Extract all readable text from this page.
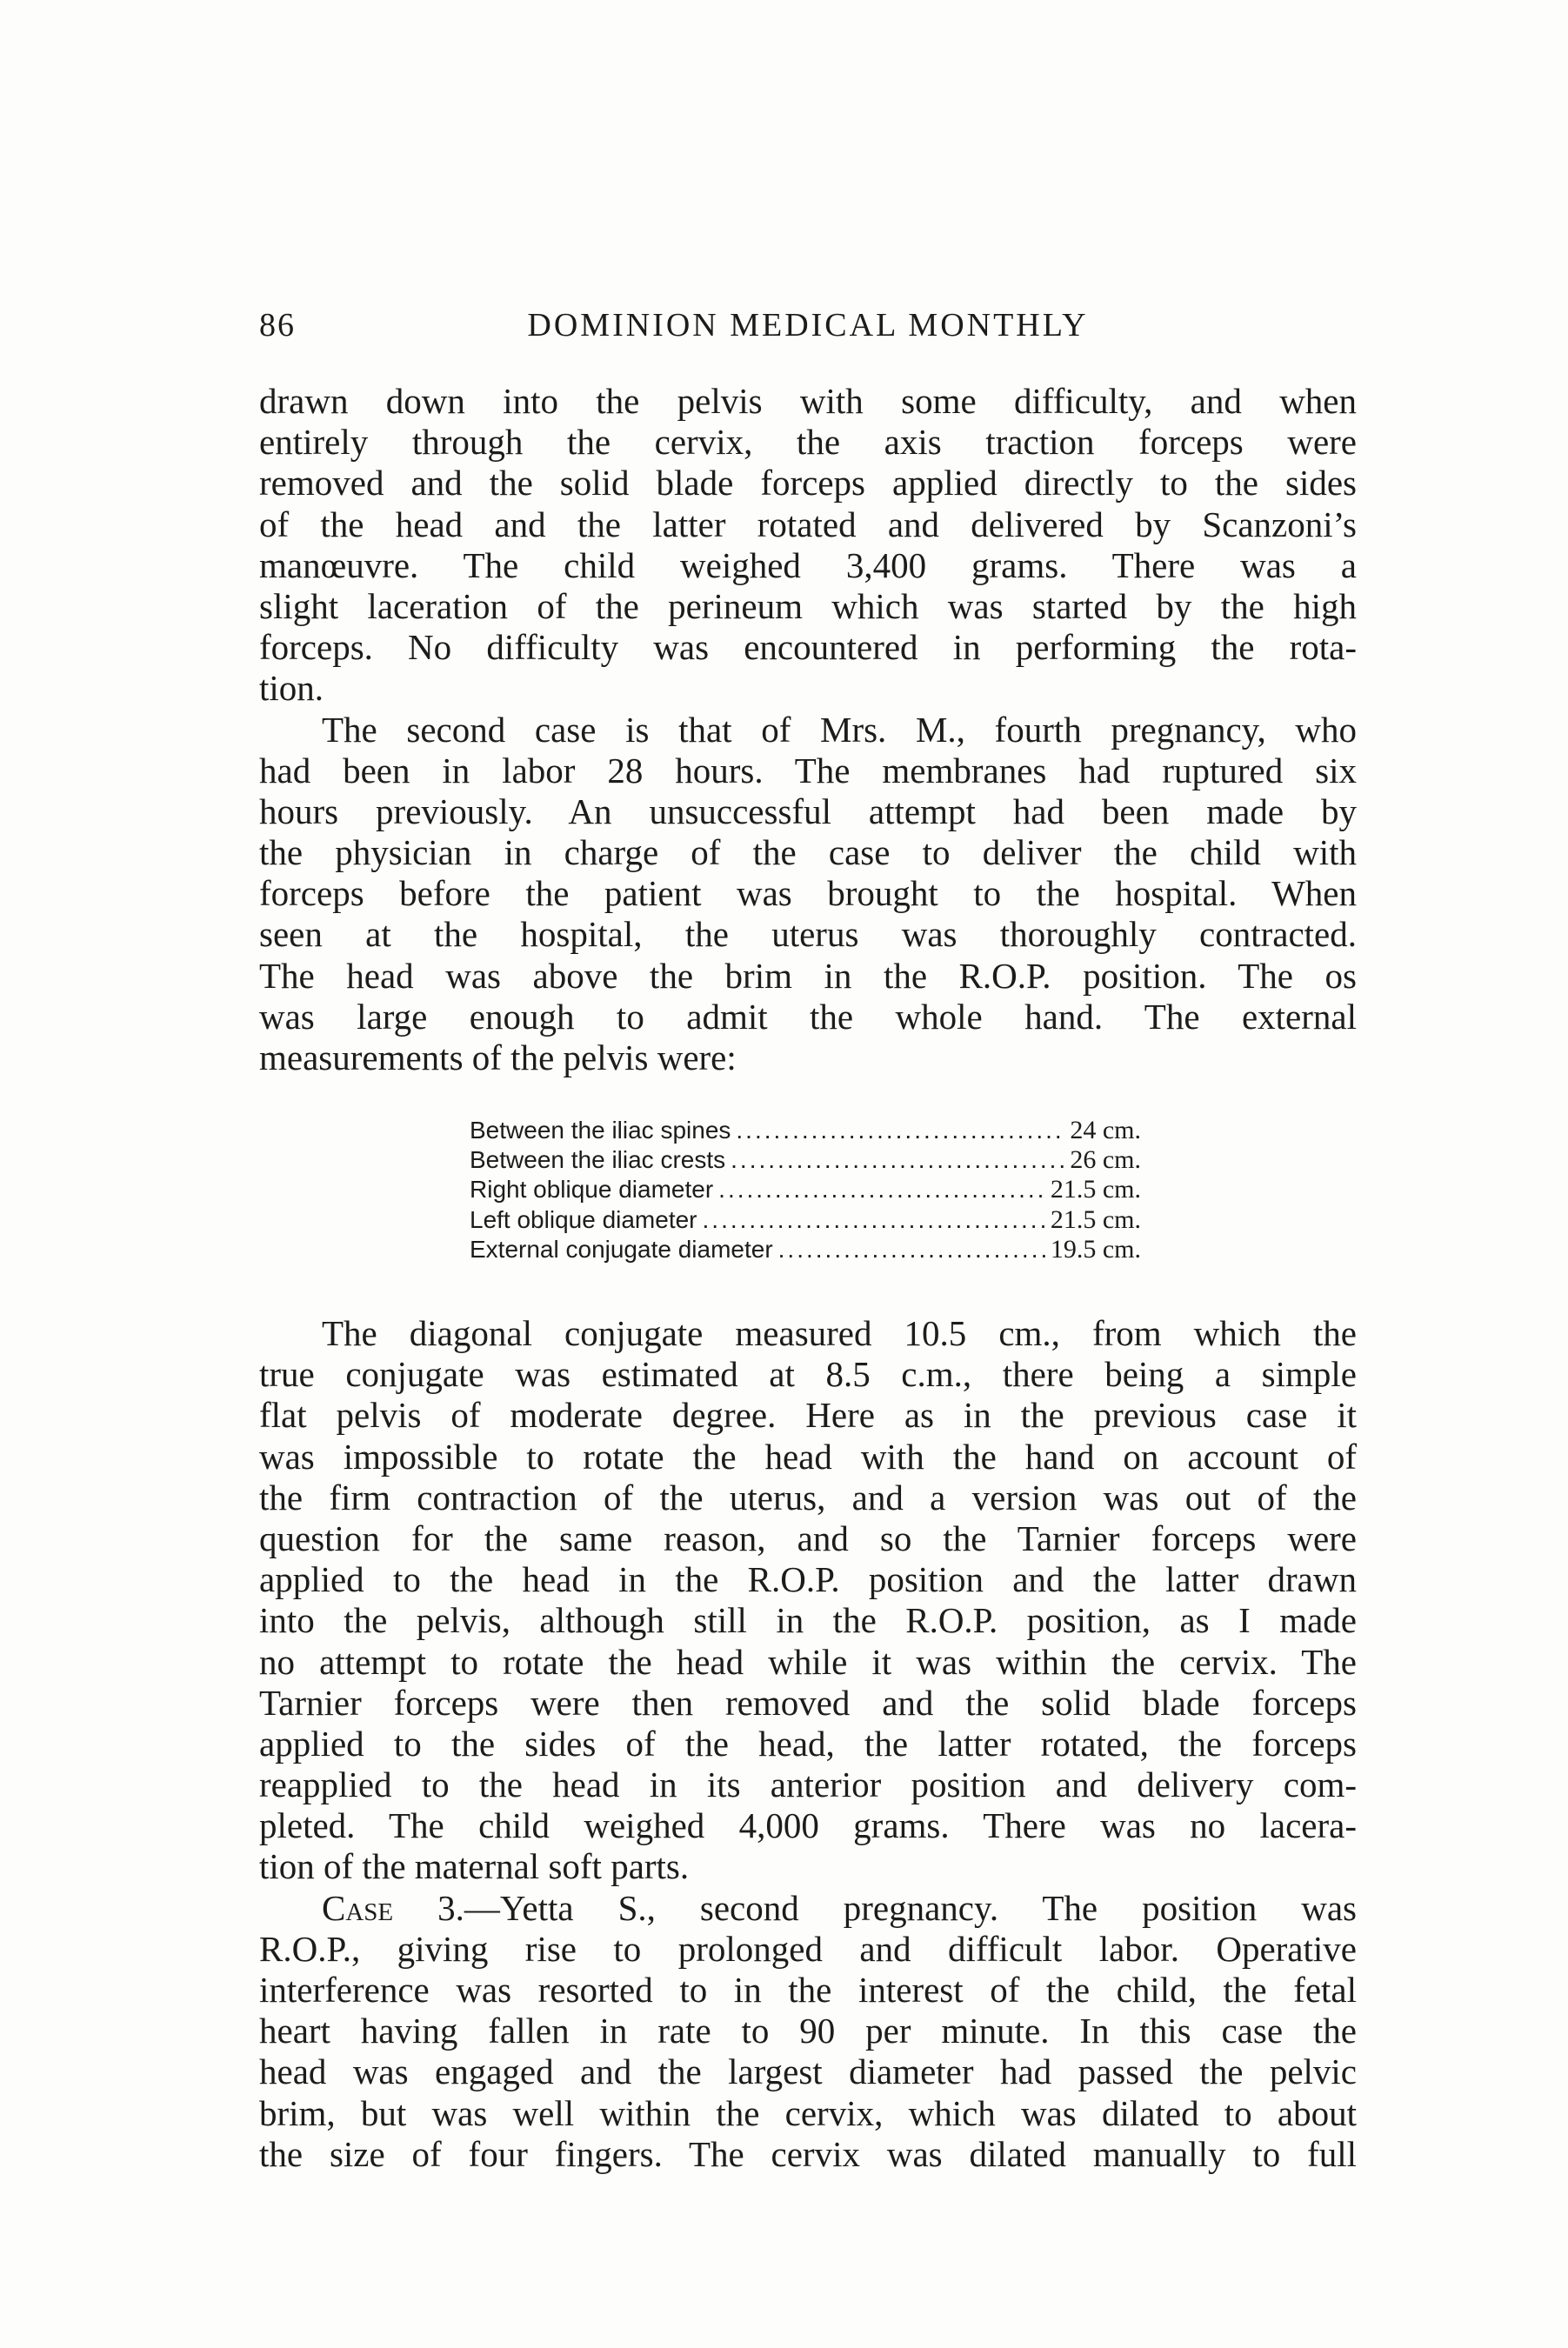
86	DOMINION MEDICAL MONTHLY
drawn down into the pelvis with some difficulty, and when
entirely through the cervix, the axis traction forceps were
removed and the solid blade forceps applied directly to the sides
of the head and the latter rotated and delivered by Scanzoni’s
manœuvre. The child weighed 3,400 grams. There was a
slight laceration of the perineum which was started by the high
forceps. No difficulty was encountered in performing the rota-
tion.
The second case is that of Mrs. M., fourth pregnancy, who
had been in labor 28 hours. The membranes had ruptured six
hours previously. An unsuccessful attempt had been made by
the physician in charge of the case to deliver the child with
forceps before the patient was brought to the hospital. When
seen at the hospital, the uterus was thoroughly contracted.
The head was above the brim in the R.O.P. position. The os
was large enough to admit the whole hand. The external
measurements of the pelvis were:
Between the iliac spines .....	24 cm.
Between the iliac crests .....	26 cm.
Right oblique diameter .....	21.5 cm.
Left oblique diameter .....	21.5 cm.
External conjugate diameter .....	19.5 cm.
The diagonal conjugate measured 10.5 cm., from which the
true conjugate was estimated at 8.5 c.m., there being a simple
flat pelvis of moderate degree. Here as in the previous case it
was impossible to rotate the head with the hand on account of
the firm contraction of the uterus, and a version was out of the
question for the same reason, and so the Tarnier forceps were
applied to the head in the R.O.P. position and the latter drawn
into the pelvis, although still in the R.O.P. position, as I made
no attempt to rotate the head while it was within the cervix. The
Tarnier forceps were then removed and the solid blade forceps
applied to the sides of the head, the latter rotated, the forceps
reapplied to the head in its anterior position and delivery com-
pleted. The child weighed 4,000 grams. There was no lacera-
tion of the maternal soft parts.
Case 3.—Yetta S., second pregnancy. The position was
R.O.P., giving rise to prolonged and difficult labor. Operative
interference was resorted to in the interest of the child, the fetal
heart having fallen in rate to 90 per minute. In this case the
head was engaged and the largest diameter had passed the pelvic
brim, but was well within the cervix, which was dilated to about
the size of four fingers. The cervix was dilated manually to full
